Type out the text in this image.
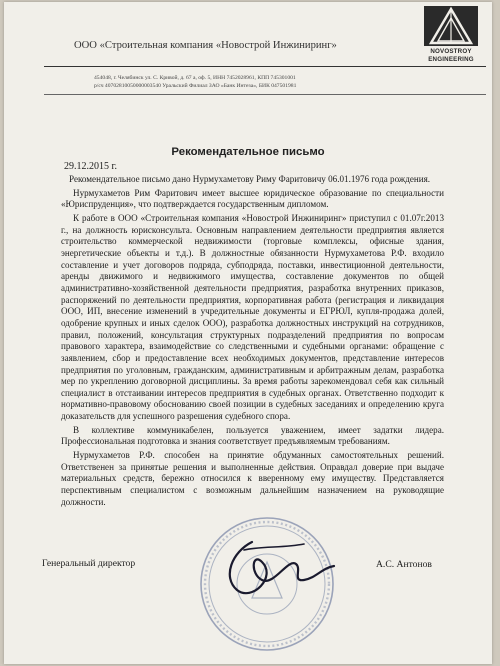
ООО «Строительная компания «Новострой Инжиниринг»
NOVOSTROY
ENGINEERING
454048, г. Челябинск ул. С. Кривой, д. 67 а, оф. 5, ИНН 7452028961, КПП 745301001
р/сч 40702810050000003540 Уральский Филиал ЗАО «Банк Интеза», БИК 047501981
Рекомендательное письмо
29.12.2015 г.

Рекомендательное письмо дано Нурмухаметову Риму Фаритовичу 06.01.1976 года рождения.

Нурмухаметов Рим Фаритович имеет высшее юридическое образование по специальности «Юриспруденция», что подтверждается государственным дипломом.

К работе в ООО «Строительная компания «Новострой Инжиниринг» приступил с 01.07г.2013 г., на должность юрисконсульта. Основным направлением деятельности предприятия является строительство коммерческой недвижимости (торговые комплексы, офисные здания, энергетические объекты и т.д.). В должностные обязанности Нурмухаметова Р.Ф. входило составление и учет договоров подряда, субподряда, поставки, инвестиционной деятельности, аренды движимого и недвижимого имущества, составление документов по общей административно-хозяйственной деятельности предприятия, разработка внутренних приказов, распоряжений по деятельности предприятия, корпоративная работа (регистрация и ликвидация ООО, ИП, внесение изменений в учредительные документы и ЕГРЮЛ, купля-продажа долей, одобрение крупных и иных сделок ООО), разработка должностных инструкций на сотрудников, правил, положений, консультация структурных подразделений предприятия по вопросам правового характера, взаимодействие со следственными и судебными органами: обращение с заявлением, сбор и предоставление всех необходимых документов, представление интересов предприятия по уголовным, гражданским, административным и арбитражным делам, разработка мер по укреплению договорной дисциплины. За время работы зарекомендовал себя как сильный специалист в отстаивании интересов предприятия в судебных органах. Ответственно подходит к нормативно-правовому обоснованию своей позиции в судебных заседаниях и определению круга доказательств для успешного разрешения судебного спора.

В коллективе коммуникабелен, пользуется уважением, имеет задатки лидера. Профессиональная подготовка и знания соответствует предъявляемым требованиям.

Нурмухаметов Р.Ф. способен на принятие обдуманных самостоятельных решений. Ответственен за принятые решения и выполненные действия. Оправдал доверие при выдаче материальных средств, бережно относился к вверенному ему имуществу. Представляется перспективным специалистом с возможным дальнейшим назначением на руководящие должности.

Генеральный директор	А.С. Антонов
